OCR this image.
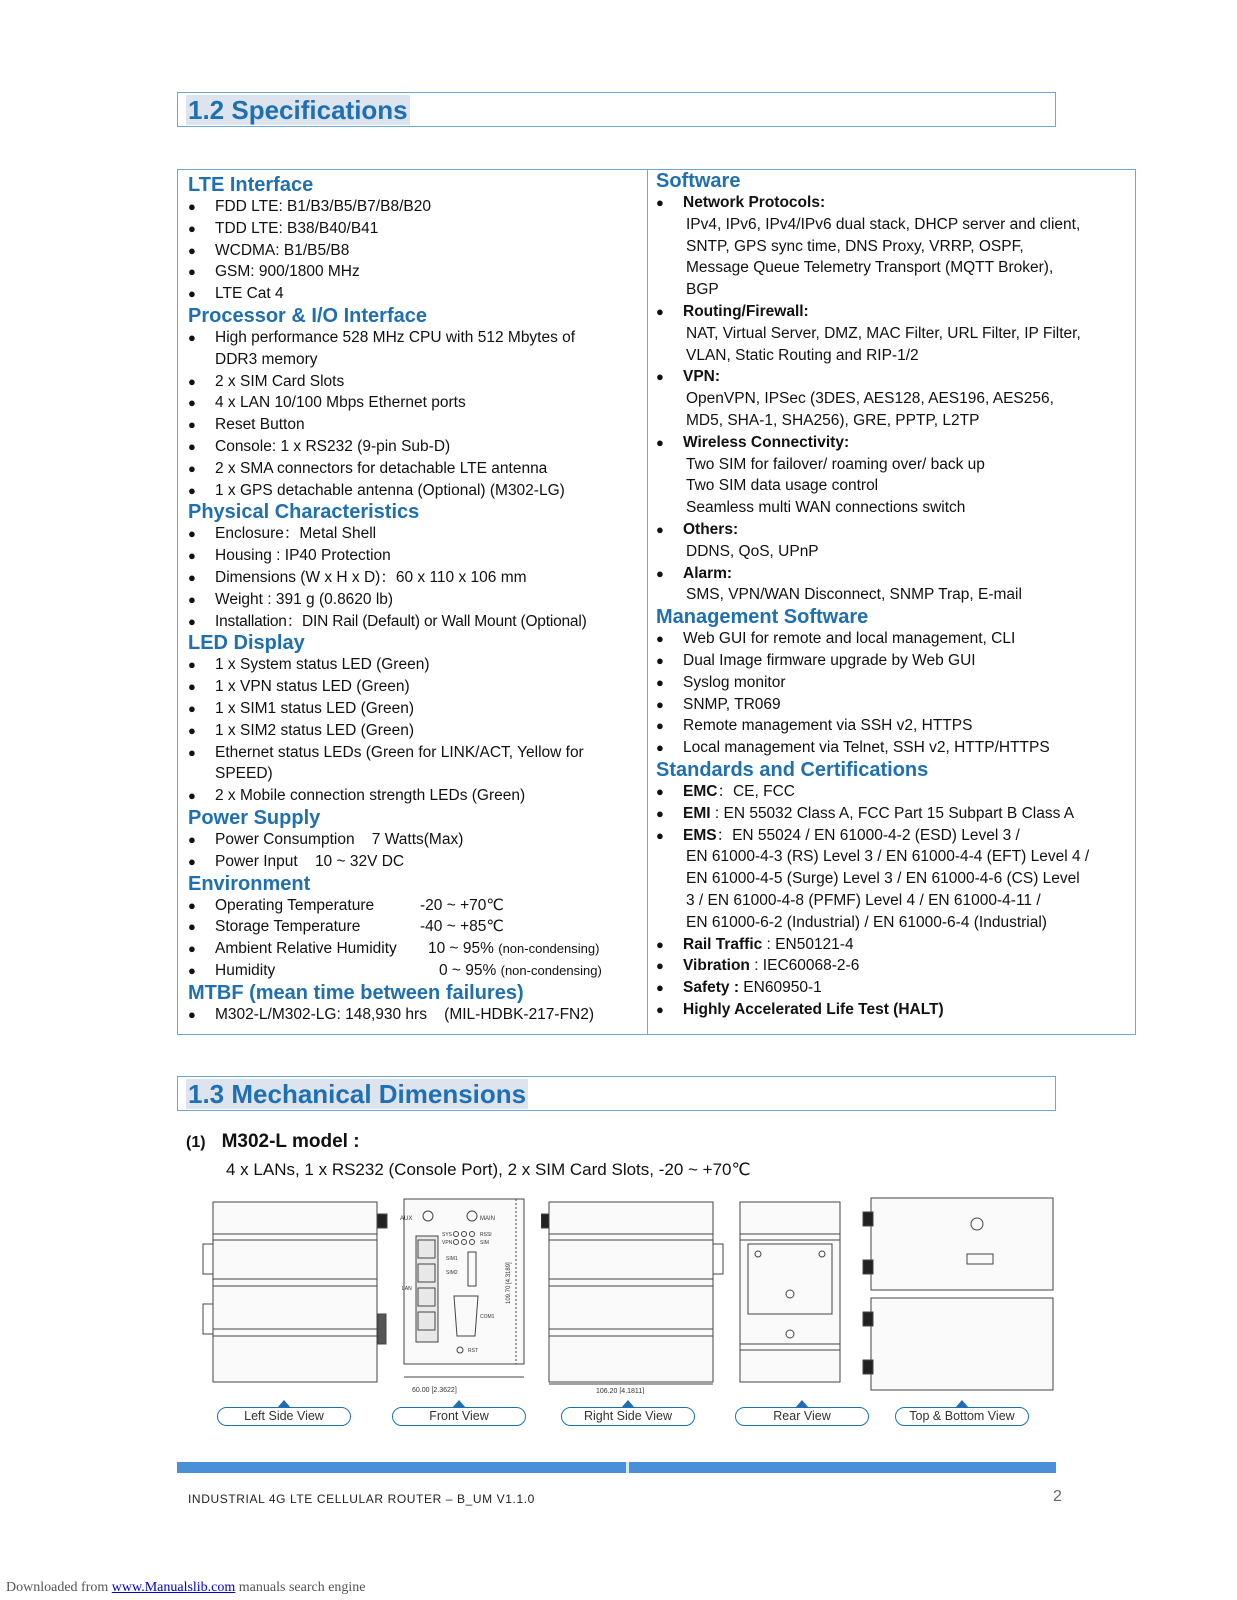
1.2 Specifications
LTE Interface
● FDD LTE: B1/B3/B5/B7/B8/B20
● TDD LTE: B38/B40/B41
● WCDMA: B1/B5/B8
● GSM: 900/1800 MHz
● LTE Cat 4
Processor & I/O Interface
● High performance 528 MHz CPU with 512 Mbytes of DDR3 memory
● 2 x SIM Card Slots
● 4 x LAN 10/100 Mbps Ethernet ports
● Reset Button
● Console: 1 x RS232 (9-pin Sub-D)
● 2 x SMA connectors for detachable LTE antenna
● 1 x GPS detachable antenna (Optional) (M302-LG)
Physical Characteristics
● Enclosure：Metal Shell
● Housing : IP40 Protection
● Dimensions (W x H x D)：60 x 110 x 106 mm
● Weight : 391 g (0.8620 lb)
● Installation：DIN Rail (Default) or Wall Mount (Optional)
LED Display
● 1 x System status LED (Green)
● 1 x VPN status LED (Green)
● 1 x SIM1 status LED (Green)
● 1 x SIM2 status LED (Green)
● Ethernet status LEDs (Green for LINK/ACT, Yellow for SPEED)
● 2 x Mobile connection strength LEDs (Green)
Power Supply
● Power Consumption    7 Watts(Max)
● Power Input    10 ~ 32V DC
Environment
● Operating Temperature	-20 ~ +70℃
● Storage Temperature	-40 ~ +85℃
● Ambient Relative Humidity 10 ~ 95% (non-condensing)
● Humidity	0 ~ 95% (non-condensing)
MTBF (mean time between failures)
● M302-L/M302-LG: 148,930 hrs    (MIL-HDBK-217-FN2)
Software
● Network Protocols:
IPv4, IPv6, IPv4/IPv6 dual stack, DHCP server and client,
SNTP, GPS sync time, DNS Proxy, VRRP, OSPF,
Message Queue Telemetry Transport (MQTT Broker),
BGP
● Routing/Firewall:
NAT, Virtual Server, DMZ, MAC Filter, URL Filter, IP Filter,
VLAN, Static Routing and RIP-1/2
● VPN:
OpenVPN, IPSec (3DES, AES128, AES196, AES256,
MD5, SHA-1, SHA256), GRE, PPTP, L2TP
● Wireless Connectivity:
Two SIM for failover/ roaming over/ back up
Two SIM data usage control
Seamless multi WAN connections switch
● Others:
DDNS, QoS, UPnP
● Alarm:
SMS, VPN/WAN Disconnect, SNMP Trap, E-mail
Management Software
● Web GUI for remote and local management, CLI
● Dual Image firmware upgrade by Web GUI
● Syslog monitor
● SNMP, TR069
● Remote management via SSH v2, HTTPS
● Local management via Telnet, SSH v2, HTTP/HTTPS
Standards and Certifications
● EMC：CE, FCC
● EMI : EN 55032 Class A, FCC Part 15 Subpart B Class A
● EMS：EN 55024 / EN 61000-4-2 (ESD) Level 3 /
EN 61000-4-3 (RS) Level 3 / EN 61000-4-4 (EFT) Level 4 /
EN 61000-4-5 (Surge) Level 3 / EN 61000-4-6 (CS) Level
3 / EN 61000-4-8 (PFMF) Level 4 / EN 61000-4-11 /
EN 61000-6-2 (Industrial) / EN 61000-6-4 (Industrial)
● Rail Traffic : EN50121-4
● Vibration : IEC60068-2-6
● Safety : EN60950-1
● Highly Accelerated Life Test (HALT)
1.3 Mechanical Dimensions
(1) M302-L model :
4 x LANs, 1 x RS232 (Console Port), 2 x SIM Card Slots, -20 ~ +70℃
AUX	MAIN
SYS	RSSI
VPN	SIM
LAN
SIM1
SIM2
COM1
RST
109.70 [4.3189]
60.00 [2.3622]	106.20 [4.1811]
Left Side View	Front View	Right Side View	Rear View	Top & Bottom View
INDUSTRIAL 4G LTE CELLULAR ROUTER – B_UM V1.1.0	2
Downloaded from www.Manualslib.com manuals search engine
